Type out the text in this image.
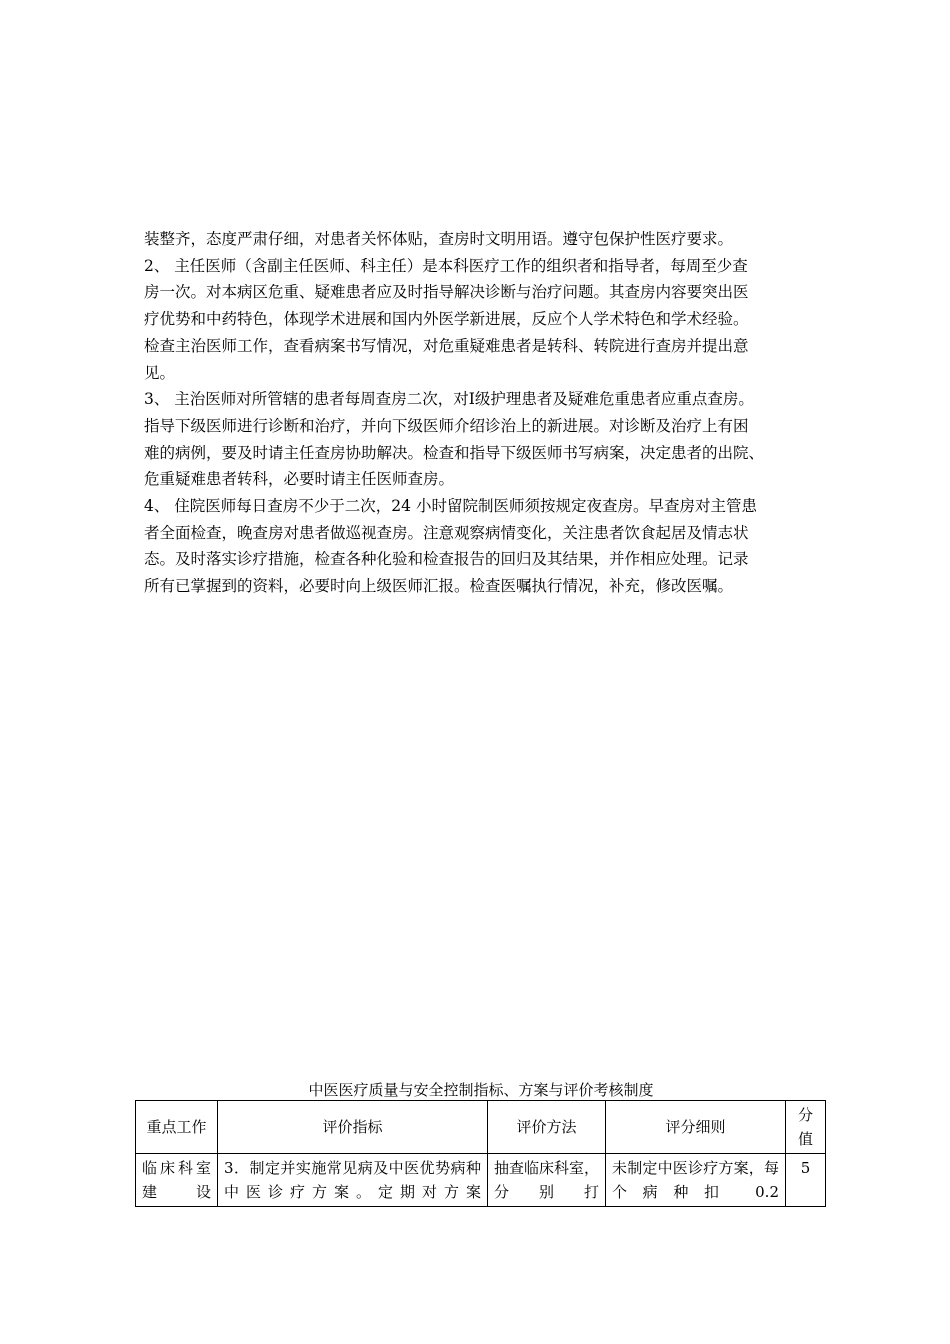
装整齐，态度严肃仔细，对患者关怀体贴，查房时文明用语。遵守包保护性医疗要求。

2、 主任医师（含副主任医师、科主任）是本科医疗工作的组织者和指导者，每周至少查

房一次。对本病区危重、疑难患者应及时指导解决诊断与治疗问题。其查房内容要突出医

疗优势和中药特色，体现学术进展和国内外医学新进展，反应个人学术特色和学术经验。

检查主治医师工作，查看病案书写情况，对危重疑难患者是转科、转院进行查房并提出意

见。

3、 主治医师对所管辖的患者每周查房二次，对Ⅰ级护理患者及疑难危重患者应重点查房。

指导下级医师进行诊断和治疗，并向下级医师介绍诊治上的新进展。对诊断及治疗上有困

难的病例，要及时请主任查房协助解决。检查和指导下级医师书写病案，决定患者的出院、

危重疑难患者转科，必要时请主任医师查房。

4、 住院医师每日查房不少于二次，24 小时留院制医师须按规定夜查房。早查房对主管患

者全面检查，晚查房对患者做巡视查房。注意观察病情变化，关注患者饮食起居及情志状

态。及时落实诊疗措施，检查各种化验和检查报告的回归及其结果，并作相应处理。记录

所有已掌握到的资料，必要时向上级医师汇报。检查医嘱执行情况，补充，修改医嘱。

中医医疗质量与安全控制指标、方案与评价考核制度
重点工作	评价指标	评价方法	评分细则	分值
临床科室建设	3．制定并实施常见病及中医优势病种中医诊疗方案。定期对方案	抽查临床科室，分别打	未制定中医诊疗方案，每个病种扣 0.2	5
